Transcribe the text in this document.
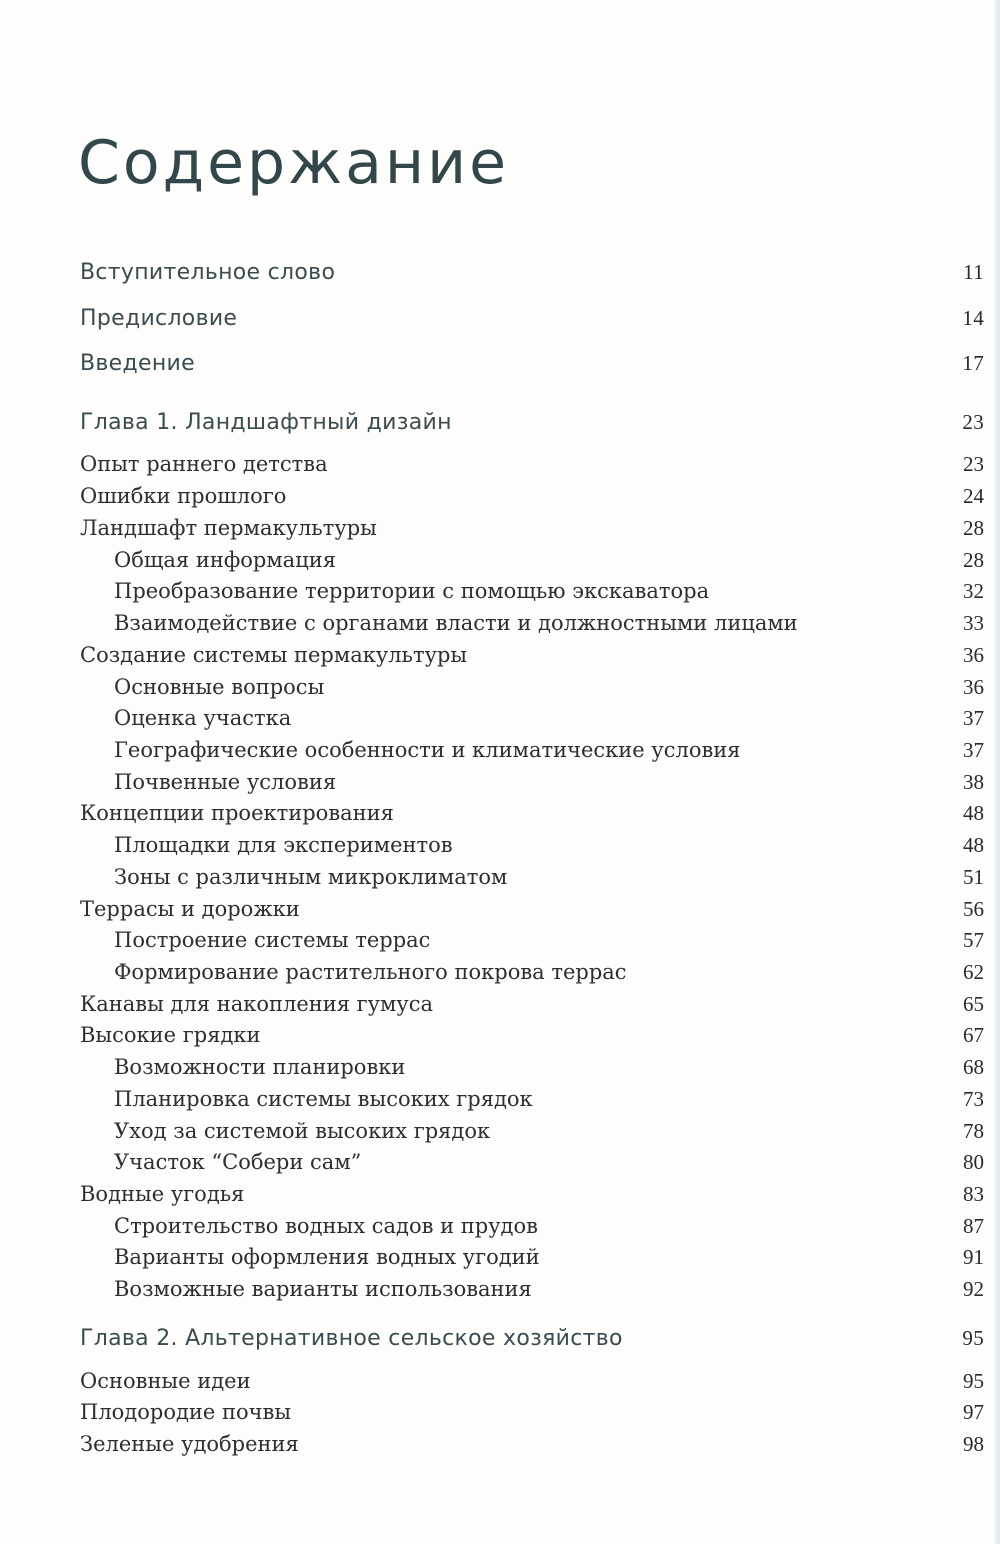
Содержание
Вступительное слово	11
Предисловие	14
Введение	17
Глава 1. Ландшафтный дизайн	23
Опыт раннего детства	23
Ошибки прошлого	24
Ландшафт пермакультуры	28
Общая информация	28
Преобразование территории с помощью экскаватора	32
Взаимодействие с органами власти и должностными лицами	33
Создание системы пермакультуры	36
Основные вопросы	36
Оценка участка	37
Географические особенности и климатические условия	37
Почвенные условия	38
Концепции проектирования	48
Площадки для экспериментов	48
Зоны с различным микроклиматом	51
Террасы и дорожки	56
Построение системы террас	57
Формирование растительного покрова террас	62
Канавы для накопления гумуса	65
Высокие грядки	67
Возможности планировки	68
Планировка системы высоких грядок	73
Уход за системой высоких грядок	78
Участок “Собери сам”	80
Водные угодья	83
Строительство водных садов и прудов	87
Варианты оформления водных угодий	91
Возможные варианты использования	92
Глава 2. Альтернативное сельское хозяйство	95
Основные идеи	95
Плодородие почвы	97
Зеленые удобрения	98
